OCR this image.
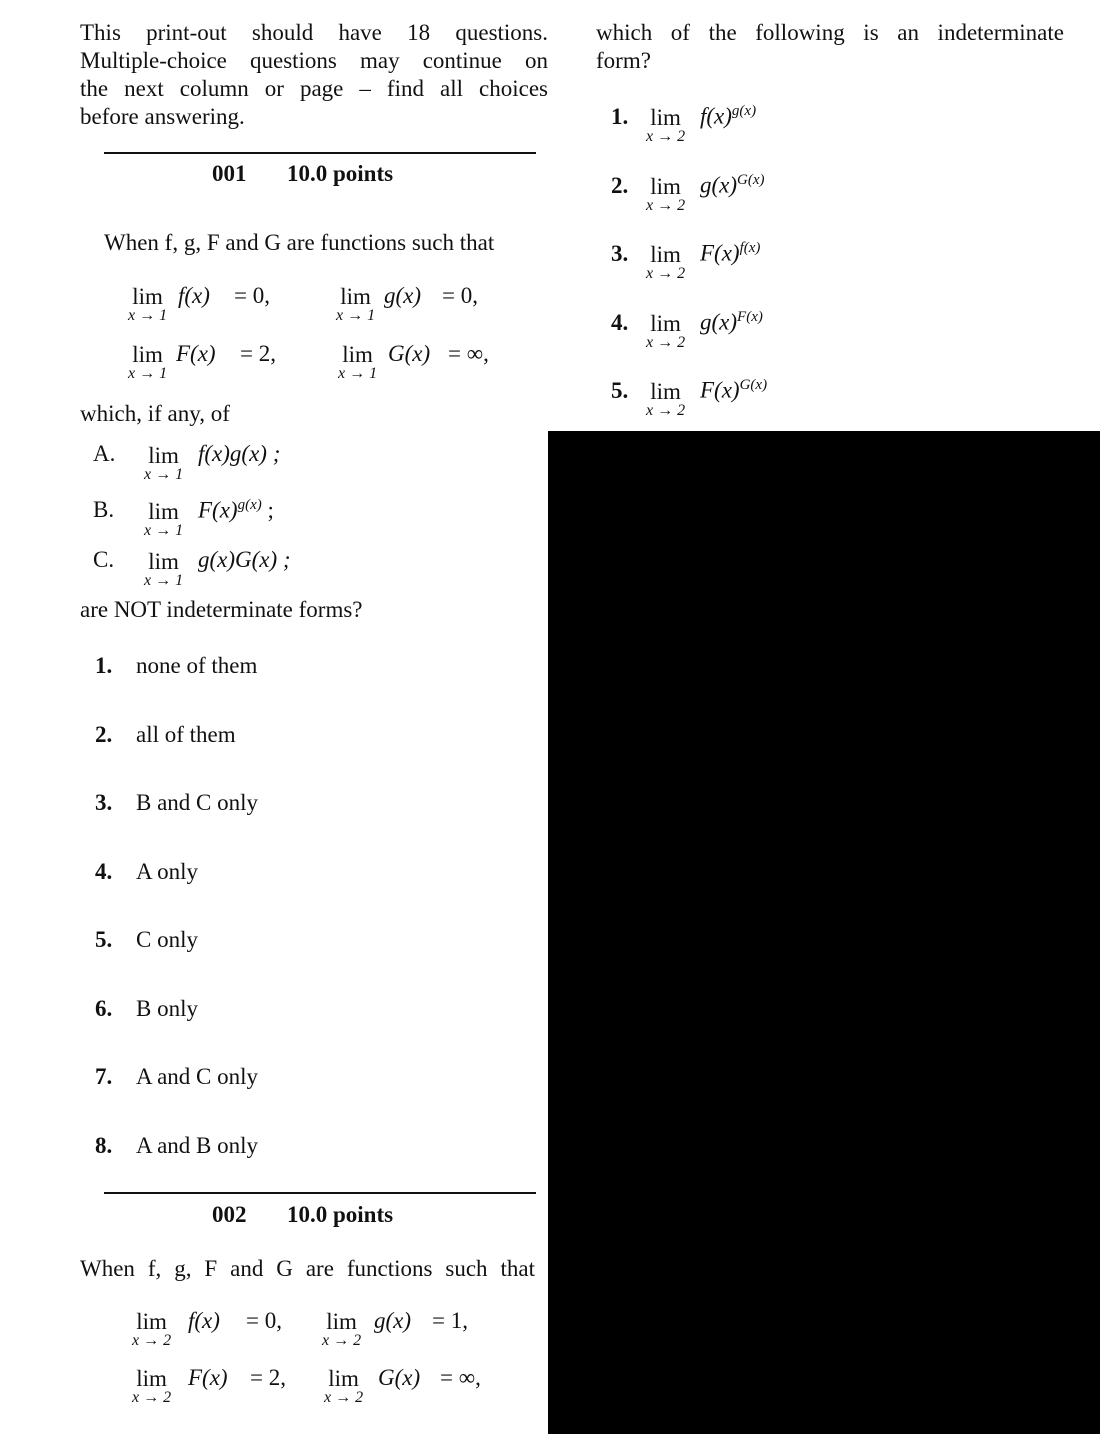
This print-out should have 18 questions.
Multiple-choice questions may continue on
the next column or page – find all choices
before answering.
001 10.0 points
When f, g, F and G are functions such that
lim
x → 1
f(x) = 0,	lim
x → 1
g(x) = 0,
lim
x → 1
F(x) = 2,	lim
x → 1
G(x) = ∞,
which, if any, of
A. lim
x → 1
f(x)g(x) ;
B. lim
x → 1
$F(x)^{g(x)}$ ;
C. lim
x → 1
g(x)G(x) ;
are NOT indeterminate forms?
1. none of them
2. all of them
3. B and C only
4. A only
5. C only
6. B only
7. A and C only
8. A and B only
002 10.0 points
When f, g, F and G are functions such that
lim
x → 2
f(x) = 0, lim
x → 2
g(x) = 1,
lim
x → 2
F(x) = 2, lim
x → 2
G(x) = ∞,
which of the following is an indeterminate
form?
1. lim
x → 2
$f(x)^{g(x)}$
2. lim
x → 2
$g(x)^{G(x)}$
3. lim
x → 2
$F(x)^{f(x)}$
4. lim
x → 2
$g(x)^{F(x)}$
5. lim
x → 2
$F(x)^{G(x)}$
